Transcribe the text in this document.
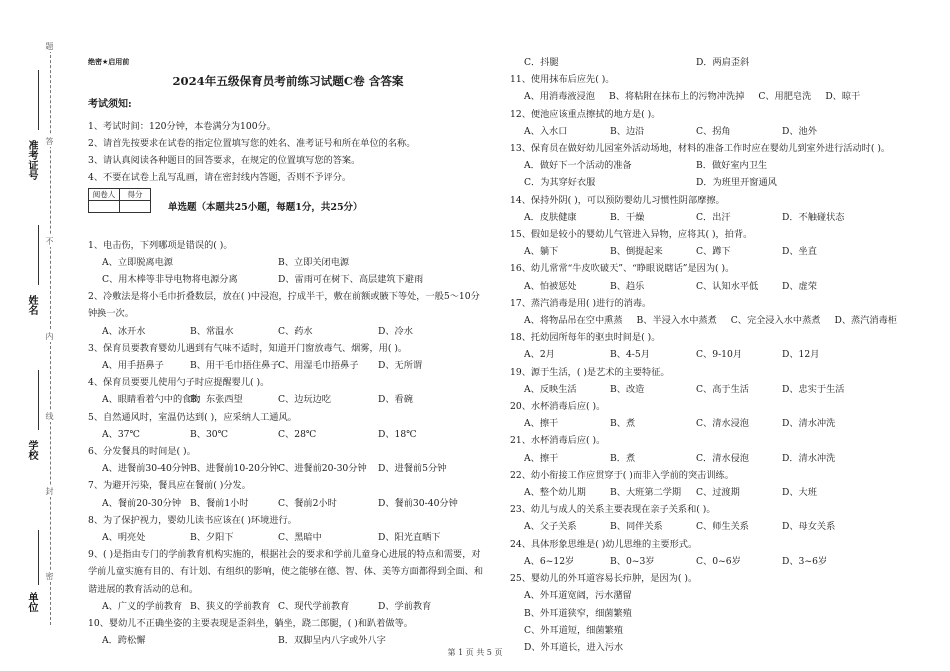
题
答
不
内
线
封
密
准考证号
姓名
学校
单位
绝密★启用前
2024年五级保育员考前练习试题C卷 含答案
考试须知:
1、考试时间：120分钟，本卷满分为100分。
2、请首先按要求在试卷的指定位置填写您的姓名、准考证号和所在单位的名称。
3、请认真阅读各种题目的回答要求，在规定的位置填写您的答案。
4、不要在试卷上乱写乱画，请在密封线内答题，否则不予评分。
阅卷人	得分

单选题（本题共25小题，每题1分，共25分）
1、电击伤，下列哪项是错误的( )。
A、立即脱离电源	B、立即关闭电源
C、用木棒等非导电物将电源分离	D、雷雨可在树下、高层建筑下避雨
2、冷敷法是将小毛巾折叠数层，放在( )中浸泡，拧成半干，敷在前额或腋下等处，一般5～10分钟换一次。
A、冰开水	B、常温水	C、药水	D、冷水
3、保育员要教育婴幼儿遇到有气味不适时，知道开门窗放毒气、烟雾，用( )。
A、用手捂鼻子	B、用干毛巾捂住鼻子
C、用湿毛巾捂鼻子	D、无所谓
4、保育员要要儿使用勺子时应提醒婴儿( )。
A、眼睛看着勺中的食物
B、东张西望	C、边玩边吃	D、看碗
5、自然通风时，室温仍达到( )，应采纳人工通风。
A、37℃	B、30℃	C、28℃	D、18℃
6、分发餐具的时间是( )。
A、进餐前30-40分钟 B、进餐前10-20分钟 C、进餐前20-30分钟	D、进餐前5分钟
7、为避开污染，餐具应在餐前( )分发。
A、餐前20-30分钟 B、餐前1小时	C、餐前2小时	D、餐前30-40分钟
8、为了保护视力，婴幼儿读书应该在( )环境进行。
A、明亮处	B、夕阳下	C、黑暗中	D、阳光直晒下
9、( )是指由专门的学前教育机构实施的，根据社会的要求和学前儿童身心进展的特点和需要，对学前儿童实施有目的、有计划、有组织的影响，使之能够在德、智、体、美等方面都得到全面、和谐进展的教育活动的总和。
A、广义的学前教育 B、狭义的学前教育 C、现代学前教育	D、学前教育
10、婴幼儿不正确坐姿的主要表现是歪斜坐，躺坐，跷二郎腿，( )和趴着做等。
A．跨松懈	B．双脚呈内八字或外八字
C．抖腿	D．两肩歪斜
11、使用抹布后应先( )。
A、用消毒液浸泡 B、将粘附在抹布上的污物冲洗掉 C、用肥皂洗 D、晾干
12、便池应该重点擦拭的地方是( )。
A、入水口	B、边沿	C、拐角	D、池外
13、保育员在做好幼儿园室外活动场地，材料的准备工作时应在婴幼儿到室外进行活动时( )。
A．做好下一个活动的准备	B．做好室内卫生
C．为其穿好衣服	D．为班里开窗通风
14、保持外阴( )，可以预防婴幼儿习惯性阴部摩擦。
A．皮肤健康	B．干燥	C．出汗	D．不触碰状态
15、假如是较小的婴幼儿气管进入异物，应将其( )，拍背。
A、躺下	B、倒提起来	C、蹲下	D、坐直
16、幼儿常常“牛皮吹破天”、“睁眼说瞎话”是因为( )。
A、怕被惩处	B、趋乐	C、认知水平低	D、虚荣
17、蒸汽消毒是用( )进行的消毒。
A、将物品吊在空中熏蒸 B、半浸入水中蒸煮 C、完全浸入水中蒸煮 D、蒸汽消毒柜
18、托幼园所每年的驱虫时间是( )。
A、2月	B、4-5月	C、9-10月	D、12月
19、源于生活，( )是艺术的主要特征。
A、反映生活	B、改造	C、高于生活	D、忠实于生活
20、水杯消毒后应( )。
A、擦干	B、煮	C、清水浸泡	D、清水冲洗
21、水杯消毒后应( )。
A、擦干	B．煮	C．清水侵泡	D．清水冲洗
22、幼小衔接工作应贯穿于( )而非入学前的突击训练。
A、整个幼儿期	B、大班第二学期	C、过渡期	D、大班
23、幼儿与成人的关系主要表现在亲子关系和( )。
A、父子关系	B、同伴关系	C、师生关系	D、母女关系
24、具体形象思维是( )幼儿思维的主要形式。
A、6~12岁	B、0~3岁	C、0~6岁	D、3~6岁
25、婴幼儿的外耳道容易长疖肿，是因为( )。
A、外耳道宽阔，污水潴留
B、外耳道狭窄，细菌繁殖
C、外耳道短，细菌繁殖
D、外耳道长，进入污水
第 1 页 共 5 页
